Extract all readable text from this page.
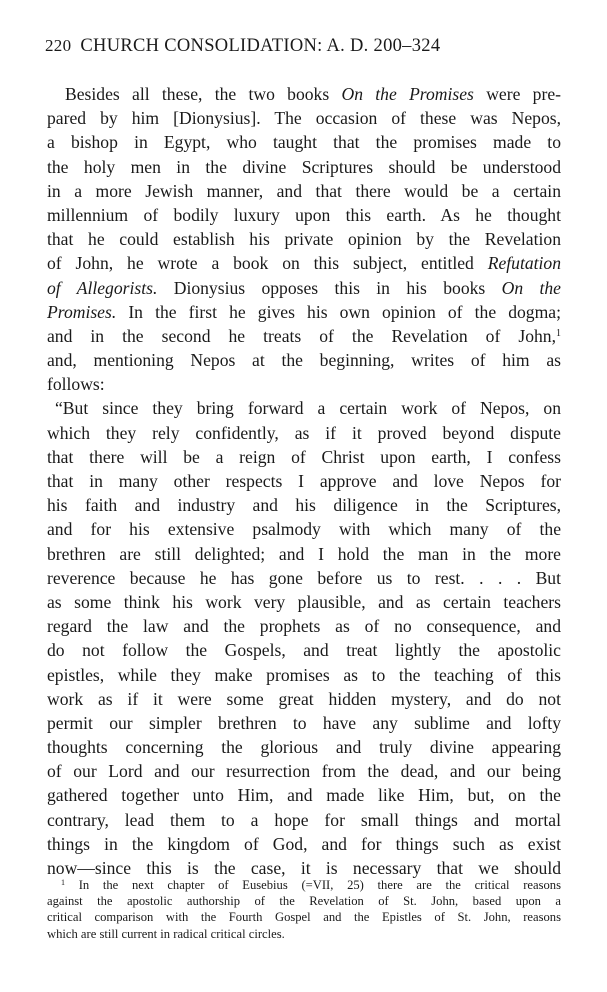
220 CHURCH CONSOLIDATION: A. D. 200–324
Besides all these, the two books On the Promises were pre-
pared by him [Dionysius]. The occasion of these was Nepos,
a bishop in Egypt, who taught that the promises made to
the holy men in the divine Scriptures should be understood
in a more Jewish manner, and that there would be a certain
millennium of bodily luxury upon this earth. As he thought
that he could establish his private opinion by the Revelation
of John, he wrote a book on this subject, entitled Refutation
of Allegorists. Dionysius opposes this in his books On the
Promises. In the first he gives his own opinion of the dogma;
and in the second he treats of the Revelation of John,$^1$
and, mentioning Nepos at the beginning, writes of him as
follows:
“But since they bring forward a certain work of Nepos, on
which they rely confidently, as if it proved beyond dispute
that there will be a reign of Christ upon earth, I confess
that in many other respects I approve and love Nepos for
his faith and industry and his diligence in the Scriptures,
and for his extensive psalmody with which many of the
brethren are still delighted; and I hold the man in the more
reverence because he has gone before us to rest. . . . But
as some think his work very plausible, and as certain teachers
regard the law and the prophets as of no consequence, and
do not follow the Gospels, and treat lightly the apostolic
epistles, while they make promises as to the teaching of this
work as if it were some great hidden mystery, and do not
permit our simpler brethren to have any sublime and lofty
thoughts concerning the glorious and truly divine appearing
of our Lord and our resurrection from the dead, and our being
gathered together unto Him, and made like Him, but, on the
contrary, lead them to a hope for small things and mortal
things in the kingdom of God, and for things such as exist
now—since this is the case, it is necessary that we should
$^1$ In the next chapter of Eusebius (=VII, 25) there are the critical reasons
against the apostolic authorship of the Revelation of St. John, based upon a
critical comparison with the Fourth Gospel and the Epistles of St. John, reasons
which are still current in radical critical circles.
